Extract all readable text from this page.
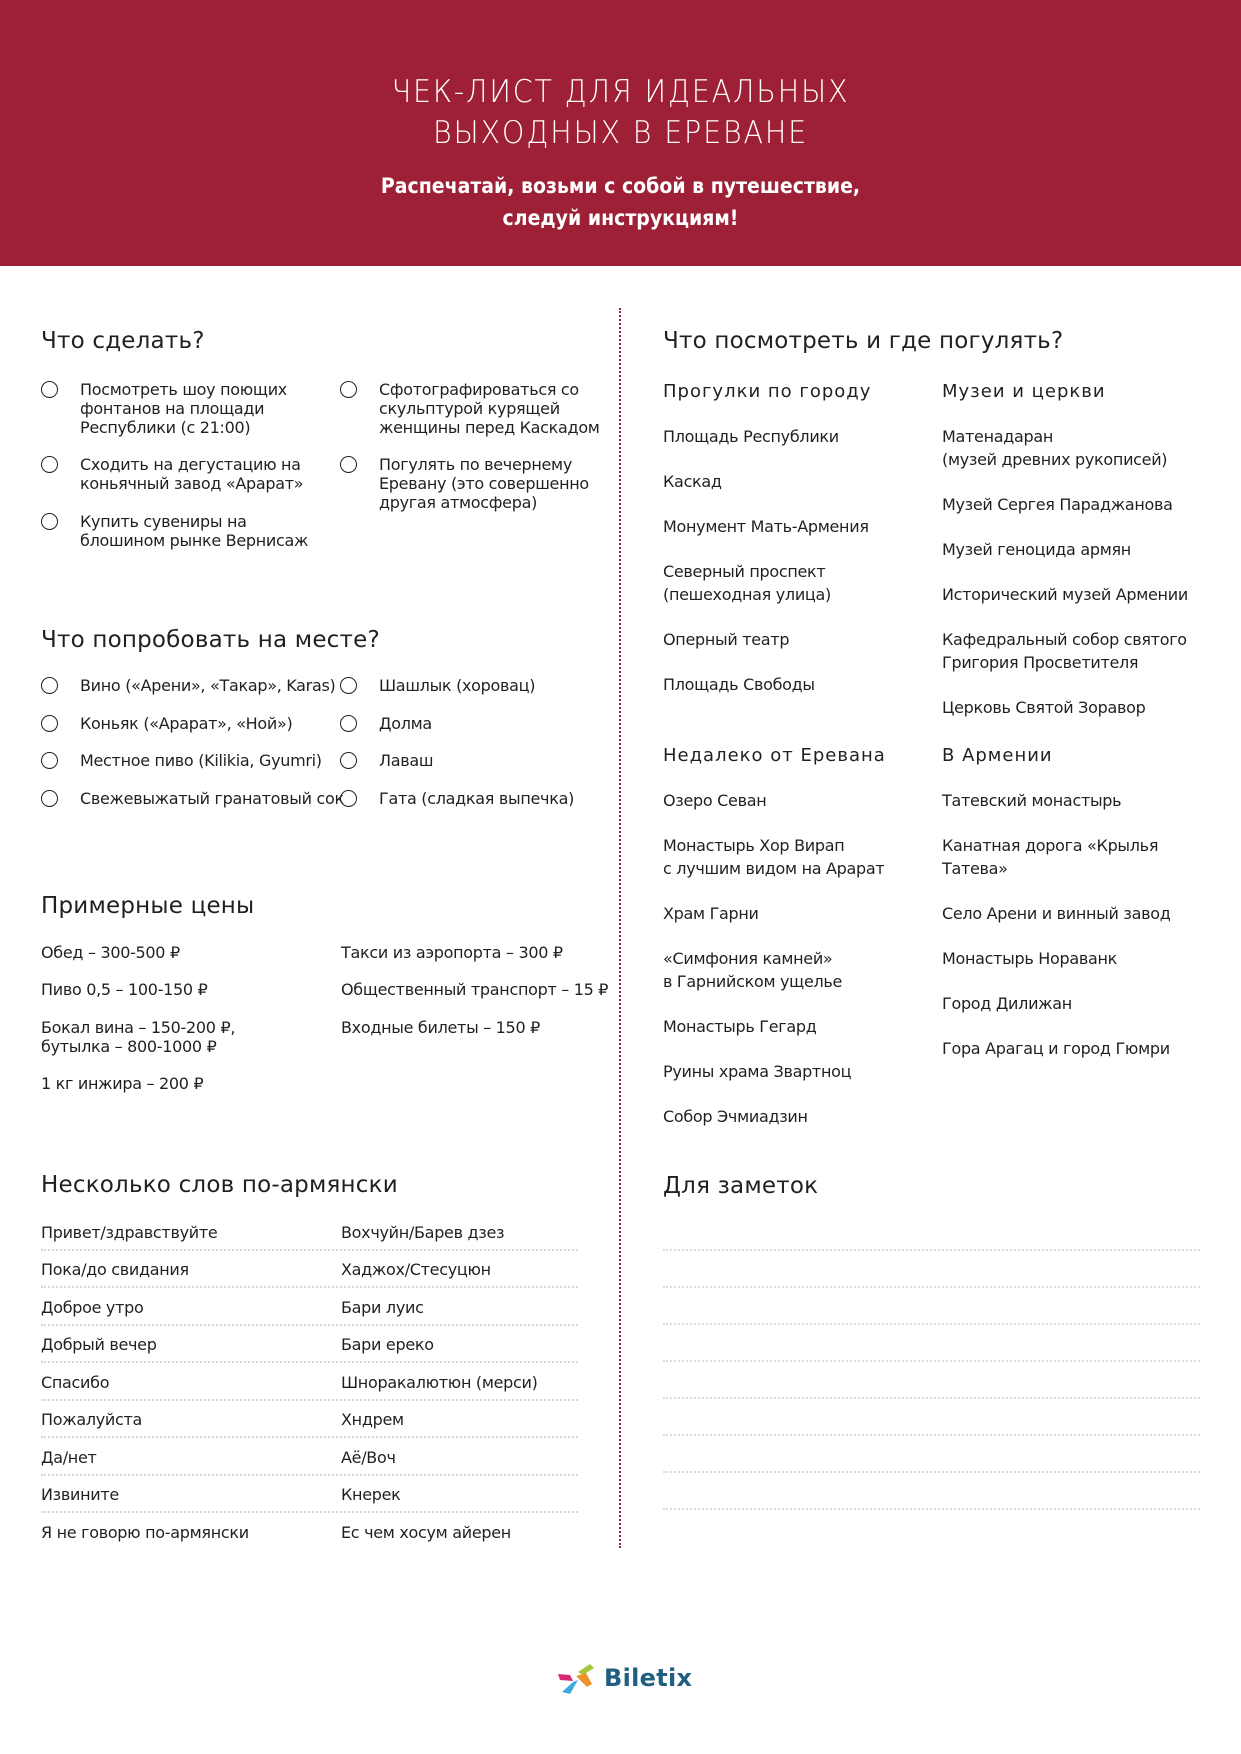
ЧЕК-ЛИСТ ДЛЯ ИДЕАЛЬНЫХ
ВЫХОДНЫХ В ЕРЕВАНЕ
Распечатай, возьми с собой в путешествие,
следуй инструкциям!
Что сделать?
Посмотреть шоу поющих
фонтанов на площади
Республики (с 21:00)
Сходить на дегустацию на
коньячный завод «Арарат»
Купить сувениры на
блошином рынке Вернисаж
Сфотографироваться со
скульптурой курящей
женщины перед Каскадом
Погулять по вечернему
Еревану (это совершенно
другая атмосфера)
Что попробовать на месте?
Вино («Арени», «Такар», Karas)
Коньяк («Арарат», «Ной»)
Местное пиво (Kilikia, Gyumri)
Свежевыжатый гранатовый сок
Шашлык (хоровац)
Долма
Лаваш
Гата (сладкая выпечка)
Примерные цены
Обед – 300-500 ₽
Пиво 0,5 – 100-150 ₽
Бокал вина – 150-200 ₽,
бутылка – 800-1000 ₽
1 кг инжира – 200 ₽
Такси из аэропорта – 300 ₽
Общественный транспорт – 15 ₽
Входные билеты – 150 ₽
Несколько слов по-армянски
Привет/здравствуйте	Вохчуйн/Барев дзез
Пока/до свидания	Хаджох/Стесуцюн
Доброе утро	Бари луис
Добрый вечер	Бари ереко
Спасибо	Шноракалютюн (мерси)
Пожалуйста	Хндрем
Да/нет	Аё/Воч
Извините	Кнерек
Я не говорю по-армянски	Ес чем хосум айерен
Что посмотреть и где погулять?
Прогулки по городу
Площадь Республики
Каскад
Монумент Мать-Армения
Северный проспект
(пешеходная улица)
Оперный театр
Площадь Свободы
Музеи и церкви
Матенадаран
(музей древних рукописей)
Музей Сергея Параджанова
Музей геноцида армян
Исторический музей Армении
Кафедральный собор святого
Григория Просветителя
Церковь Святой Зоравор
Недалеко от Еревана
Озеро Севан
Монастырь Хор Вирап
с лучшим видом на Арарат
Храм Гарни
«Симфония камней»
в Гарнийском ущелье
Монастырь Гегард
Руины храма Звартноц
Собор Эчмиадзин
В Армении
Татевский монастырь
Канатная дорога «Крылья
Татева»
Село Арени и винный завод
Монастырь Нораванк
Город Дилижан
Гора Арагац и город Гюмри
Для заметок
Biletix
